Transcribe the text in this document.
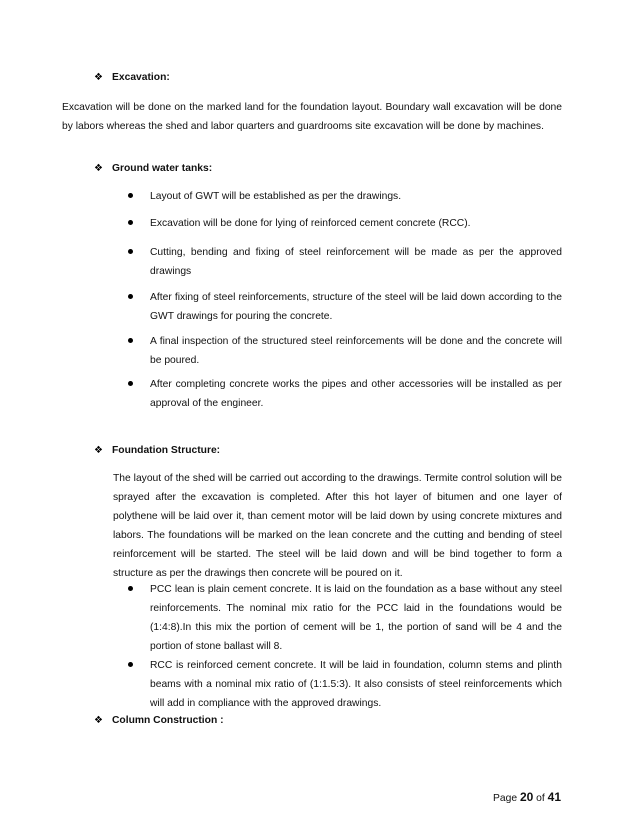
❖ Excavation:
Excavation will be done on the marked land for the foundation layout. Boundary wall excavation will be done by labors whereas the shed and labor quarters and guardrooms site excavation will be done by machines.
❖ Ground water tanks:
Layout of GWT will be established as per the drawings.
Excavation will be done for lying of reinforced cement concrete (RCC).
Cutting, bending and fixing of steel reinforcement will be made as per the approved drawings
After fixing of steel reinforcements, structure of the steel will be laid down according to the GWT drawings for pouring the concrete.
A final inspection of the structured steel reinforcements will be done and the concrete will be poured.
After completing concrete works the pipes and other accessories will be installed as per approval of the engineer.
❖ Foundation Structure:
The layout of the shed will be carried out according to the drawings. Termite control solution will be sprayed after the excavation is completed. After this hot layer of bitumen and one layer of polythene will be laid over it, than cement motor will be laid down by using concrete mixtures and labors. The foundations will be marked on the lean concrete and the cutting and bending of steel reinforcement will be started. The steel will be laid down and will be bind together to form a structure as per the drawings then concrete will be poured on it.
PCC lean is plain cement concrete. It is laid on the foundation as a base without any steel reinforcements. The nominal mix ratio for the PCC laid in the foundations would be (1:4:8).In this mix the portion of cement will be 1, the portion of sand will be 4 and the portion of stone ballast will 8.
RCC is reinforced cement concrete. It will be laid in foundation, column stems and plinth beams with a nominal mix ratio of (1:1.5:3). It also consists of steel reinforcements which will add in compliance with the approved drawings.
❖ Column Construction :
Page 20 of 41
